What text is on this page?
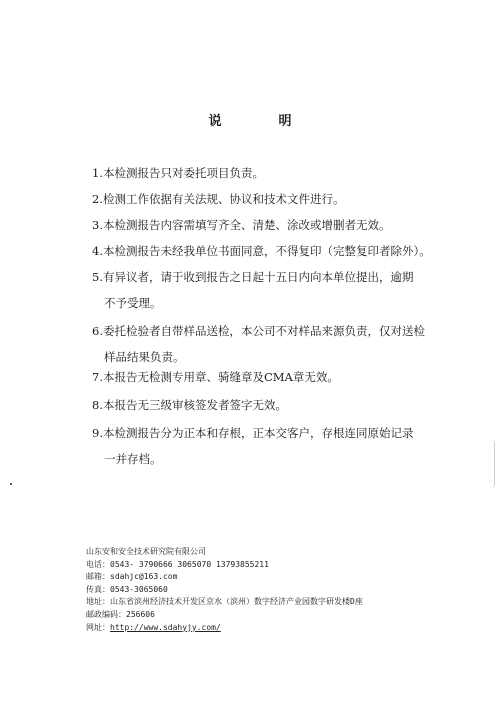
说	明
1.本检测报告只对委托项目负责。
2.检测工作依据有关法规、协议和技术文件进行。
3.本检测报告内容需填写齐全、清楚、涂改或增删者无效。
4.本检测报告未经我单位书面同意，不得复印（完整复印者除外）。
5.有异议者，请于收到报告之日起十五日内向本单位提出，逾期
不予受理。
6.委托检验者自带样品送检，本公司不对样品来源负责，仅对送检
样品结果负责。
7.本报告无检测专用章、骑缝章及CMA章无效。
8.本报告无三级审核签发者签字无效。
9.本检测报告分为正本和存根，正本交客户，存根连同原始记录
一并存档。
山东安和安全技术研究院有限公司
电话：0543- 3790666 3065070 13793855211
邮箱：sdahjc@163.com
传真：0543-3065060
地址：山东省滨州经济技术开发区京水（滨州）数字经济产业园数字研发楼D座
邮政编码：256606
网址：http://www.sdahyjy.com/
